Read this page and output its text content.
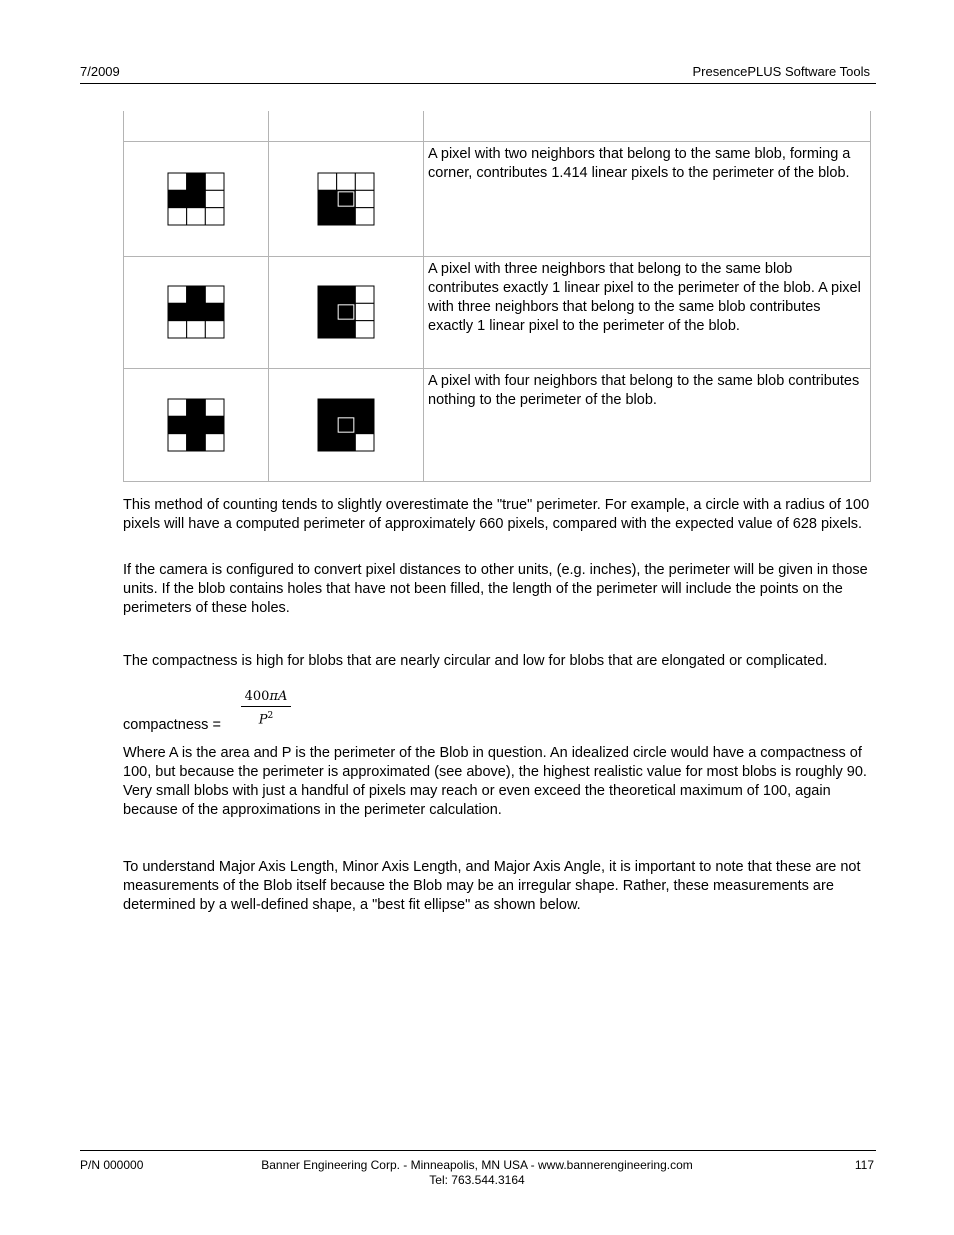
7/2009	PresencePLUS Software Tools

	A pixel with two neighbors that belong to the same blob, forming a corner, contributes 1.414 linear pixels to the perimeter of the blob.

	A pixel with three neighbors that belong to the same blob contributes exactly 1 linear pixel to the perimeter of the blob. A pixel with three neighbors that belong to the same blob contributes exactly 1 linear pixel to the perimeter of the blob.

	A pixel with four neighbors that belong to the same blob contributes nothing to the perimeter of the blob.

This method of counting tends to slightly overestimate the "true" perimeter. For example, a circle with a radius of 100 pixels will have a computed perimeter of approximately 660 pixels, compared with the expected value of 628 pixels.

If the camera is configured to convert pixel distances to other units, (e.g. inches), the perimeter will be given in those units. If the blob contains holes that have not been filled, the length of the perimeter will include the points on the perimeters of these holes.

The compactness is high for blobs that are nearly circular and low for blobs that are elongated or complicated.

compactness =
400πA
$P^2$

Where A is the area and P is the perimeter of the Blob in question. An idealized circle would have a compactness of 100, but because the perimeter is approximated (see above), the highest realistic value for most blobs is roughly 90. Very small blobs with just a handful of pixels may reach or even exceed the theoretical maximum of 100, again because of the approximations in the perimeter calculation.

To understand Major Axis Length, Minor Axis Length, and Major Axis Angle, it is important to note that these are not measurements of the Blob itself because the Blob may be an irregular shape. Rather, these measurements are determined by a well-defined shape, a "best fit ellipse" as shown below.

P/N 000000	Banner Engineering Corp. - Minneapolis, MN USA - www.bannerengineering.com
Tel: 763.544.3164
117
